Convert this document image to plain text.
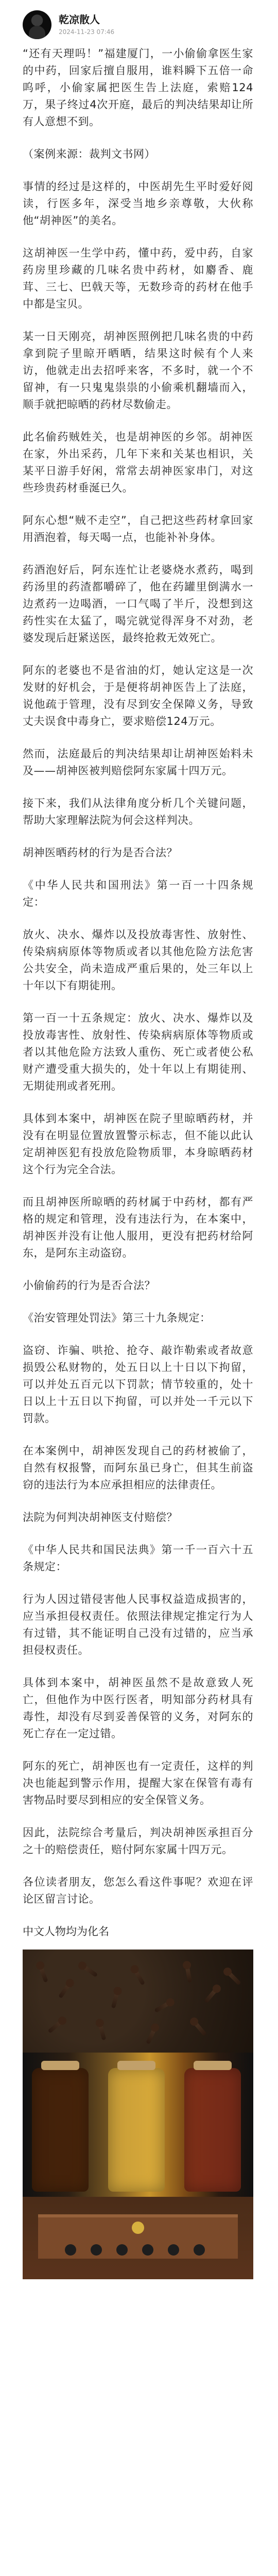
乾凉散人
2024-11-23 07:46

“还有天理吗！”福建厦门，一小偷偷拿医生家的中药，回家后擅自服用，谁料瞬下五倍一命呜呼，小偷家属把医生告上法庭，索赔124万，果子终过4次开庭，最后的判决结果却让所有人意想不到。

（案例来源：裁判文书网）

事情的经过是这样的，中医胡先生平时爱好阅读，行医多年，深受当地乡亲尊敬，大伙称他“胡神医”的美名。

这胡神医一生学中药，懂中药，爱中药，自家药房里珍藏的几味名贵中药材，如麝香、鹿茸、三七、巴戟天等，无数珍奇的药材在他手中都是宝贝。

某一日天刚亮，胡神医照例把几味名贵的中药拿到院子里晾开晒晒，结果这时候有个人来访，他就走出去招呼来客，不多时，就一个不留神，有一只鬼鬼祟祟的小偷乘机翻墙而入，顺手就把晾晒的药材尽数偷走。

此名偷药贼姓关，也是胡神医的乡邻。胡神医在家，外出采药，几年下来和关某也相识，关某平日游手好闲，常常去胡神医家串门，对这些珍贵药材垂涎已久。

阿东心想“贼不走空”，自己把这些药材拿回家用酒泡着，每天喝一点，也能补补身体。

药酒泡好后，阿东连忙让老婆烧水煮药，喝到药汤里的药渣都嚼碎了，他在药罐里倒满水一边煮药一边喝酒，一口气喝了半斤，没想到这药性实在太猛了，喝完就觉得浑身不对劲，老婆发现后赶紧送医，最终抢救无效死亡。

阿东的老婆也不是省油的灯，她认定这是一次发财的好机会，于是便将胡神医告上了法庭，说他疏于管理，没有尽到安全保障义务，导致丈夫误食中毒身亡，要求赔偿124万元。

然而，法庭最后的判决结果却让胡神医始料未及——胡神医被判赔偿阿东家属十四万元。

接下来，我们从法律角度分析几个关键问题，帮助大家理解法院为何会这样判决。

胡神医晒药材的行为是否合法？

《中华人民共和国刑法》第一百一十四条规定：

放火、决水、爆炸以及投放毒害性、放射性、传染病病原体等物质或者以其他危险方法危害公共安全，尚未造成严重后果的，处三年以上十年以下有期徒刑。

第一百一十五条规定：放火、决水、爆炸以及投放毒害性、放射性、传染病病原体等物质或者以其他危险方法致人重伤、死亡或者使公私财产遭受重大损失的，处十年以上有期徒刑、无期徒刑或者死刑。

具体到本案中，胡神医在院子里晾晒药材，并没有在明显位置放置警示标志，但不能以此认定胡神医犯有投放危险物质罪，本身晾晒药材这个行为完全合法。

而且胡神医所晾晒的药材属于中药材，都有严格的规定和管理，没有违法行为，在本案中，胡神医并没有让他人服用，更没有把药材给阿东，是阿东主动盗窃。

小偷偷药的行为是否合法？

《治安管理处罚法》第三十九条规定：

盗窃、诈骗、哄抢、抢夺、敲诈勒索或者故意损毁公私财物的，处五日以上十日以下拘留，可以并处五百元以下罚款；情节较重的，处十日以上十五日以下拘留，可以并处一千元以下罚款。

在本案例中，胡神医发现自己的药材被偷了，自然有权报警，而阿东虽已身亡，但其生前盗窃的违法行为本应承担相应的法律责任。

法院为何判决胡神医支付赔偿？

《中华人民共和国民法典》第一千一百六十五条规定：

行为人因过错侵害他人民事权益造成损害的，应当承担侵权责任。依照法律规定推定行为人有过错，其不能证明自己没有过错的，应当承担侵权责任。

具体到本案中，胡神医虽然不是故意致人死亡，但他作为中医行医者，明知部分药材具有毒性，却没有尽到妥善保管的义务，对阿东的死亡存在一定过错。

阿东的死亡，胡神医也有一定责任，这样的判决也能起到警示作用，提醒大家在保管有毒有害物品时要尽到相应的安全保管义务。

因此，法院综合考量后，判决胡神医承担百分之十的赔偿责任，赔付阿东家属十四万元。

各位读者朋友，您怎么看这件事呢？欢迎在评论区留言讨论。

中文人物均为化名
